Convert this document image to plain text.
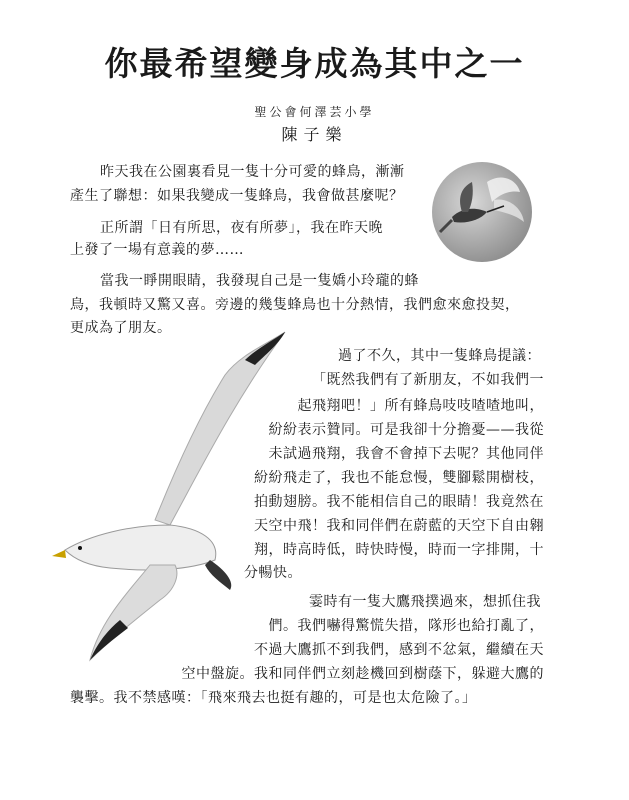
你最希望變身成為其中之一
聖公會何澤芸小學
陳子樂
昨天我在公園裏看見一隻十分可愛的蜂鳥，漸漸
產生了聯想：如果我變成一隻蜂鳥，我會做甚麼呢？
正所謂「日有所思，夜有所夢」，我在昨天晚
上發了一場有意義的夢……
當我一睜開眼睛，我發現自己是一隻嬌小玲瓏的蜂
鳥，我頓時又驚又喜。旁邊的幾隻蜂鳥也十分熱情，我們愈來愈投契，
更成為了朋友。
過了不久，其中一隻蜂鳥提議：
「既然我們有了新朋友，不如我們一
起飛翔吧！」所有蜂鳥吱吱喳喳地叫，
紛紛表示贊同。可是我卻十分擔憂——我從
未試過飛翔，我會不會掉下去呢？其他同伴
紛紛飛走了，我也不能怠慢，雙腳鬆開樹枝，
拍動翅膀。我不能相信自己的眼睛！我竟然在
天空中飛！我和同伴們在蔚藍的天空下自由翱
翔，時高時低，時快時慢，時而一字排開，十
分暢快。
霎時有一隻大鷹飛撲過來，想抓住我
們。我們嚇得驚慌失措，隊形也給打亂了，
不過大鷹抓不到我們，感到不忿氣，繼續在天
空中盤旋。我和同伴們立刻趁機回到樹蔭下，躲避大鷹的
襲擊。我不禁感嘆：「飛來飛去也挺有趣的，可是也太危險了。」
